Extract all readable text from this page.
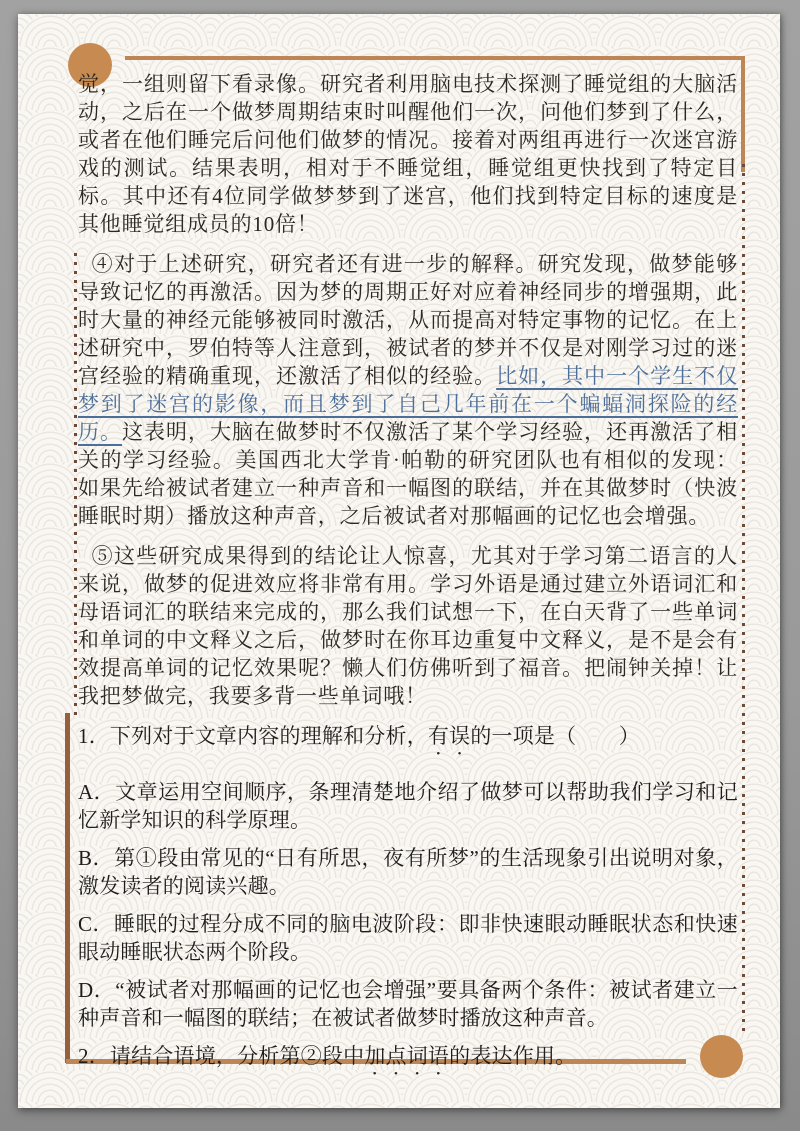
觉，一组则留下看录像。研究者利用脑电技术探测了睡觉组的大脑活动，之后在一个做梦周期结束时叫醒他们一次，问他们梦到了什么，或者在他们睡完后问他们做梦的情况。接着对两组再进行一次迷宫游戏的测试。结果表明，相对于不睡觉组，睡觉组更快找到了特定目标。其中还有4位同学做梦梦到了迷宫，他们找到特定目标的速度是其他睡觉组成员的10倍！

④对于上述研究，研究者还有进一步的解释。研究发现，做梦能够导致记忆的再激活。因为梦的周期正好对应着神经同步的增强期，此时大量的神经元能够被同时激活，从而提高对特定事物的记忆。在上述研究中，罗伯特等人注意到，被试者的梦并不仅是对刚学习过的迷宫经验的精确重现，还激活了相似的经验。比如，其中一个学生不仅梦到了迷宫的影像，而且梦到了自己几年前在一个蝙蝠洞探险的经历。这表明，大脑在做梦时不仅激活了某个学习经验，还再激活了相关的学习经验。美国西北大学肯·帕勒的研究团队也有相似的发现：如果先给被试者建立一种声音和一幅图的联结，并在其做梦时（快波睡眠时期）播放这种声音，之后被试者对那幅画的记忆也会增强。

⑤这些研究成果得到的结论让人惊喜，尤其对于学习第二语言的人来说，做梦的促进效应将非常有用。学习外语是通过建立外语词汇和母语词汇的联结来完成的，那么我们试想一下，在白天背了一些单词和单词的中文释义之后，做梦时在你耳边重复中文释义，是不是会有效提高单词的记忆效果呢？懒人们仿佛听到了福音。把闹钟关掉！让我把梦做完，我要多背一些单词哦！

1．下列对于文章内容的理解和分析，有误的一项是（　　）

A．文章运用空间顺序，条理清楚地介绍了做梦可以帮助我们学习和记忆新学知识的科学原理。

B．第①段由常见的“日有所思，夜有所梦”的生活现象引出说明对象，激发读者的阅读兴趣。

C．睡眠的过程分成不同的脑电波阶段：即非快速眼动睡眠状态和快速眼动睡眠状态两个阶段。

D．“被试者对那幅画的记忆也会增强”要具备两个条件：被试者建立一种声音和一幅图的联结；在被试者做梦时播放这种声音。

2．请结合语境，分析第②段中加点词语的表达作用。
